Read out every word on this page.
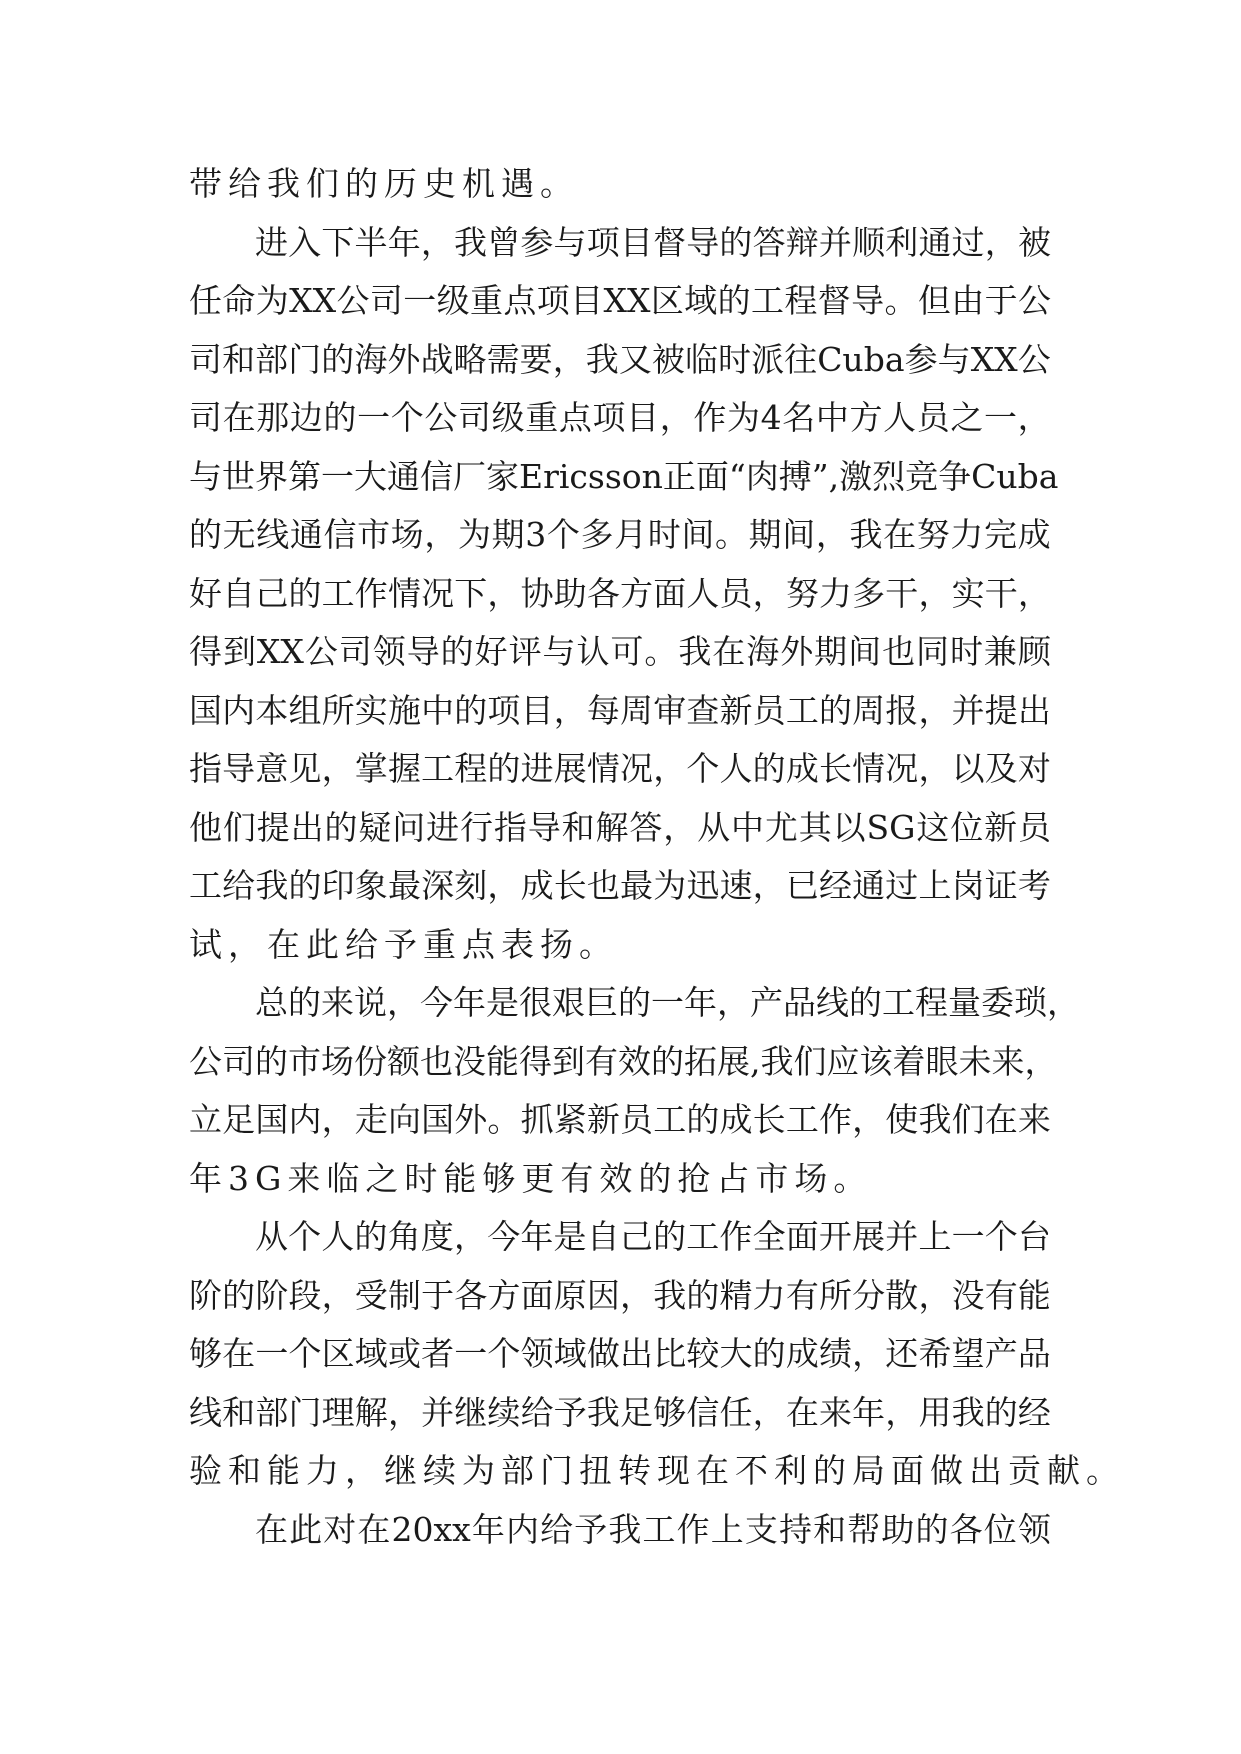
带给我们的历史机遇。
进 入 下 半 年 ， 我 曾 参 与 项 目 督 导 的 答 辩 并 顺 利 通 过 ， 被
任 命 为 XX 公 司 一 级 重 点 项 目 XX 区 域 的 工 程 督 导 。 但 由 于 公
司 和 部 门 的 海 外 战 略 需 要 ， 我 又 被 临 时 派 往 Cuba 参 与 XX 公
司 在 那 边 的 一 个 公 司 级 重 点 项 目 ， 作 为 4 名 中 方 人 员 之 一 ，
与 世 界 第 一 大 通 信 厂 家 Ericsson 正 面 “ 肉 搏 ” , 激 烈 竞 争 Cuba
的 无 线 通 信 市 场 ， 为 期 3 个 多 月 时 间 。 期 间 ， 我 在 努 力 完 成
好 自 己 的 工 作 情 况 下 ， 协 助 各 方 面 人 员 ， 努 力 多 干 ， 实 干 ，
得 到 XX 公 司 领 导 的 好 评 与 认 可 。 我 在 海 外 期 间 也 同 时 兼 顾
国 内 本 组 所 实 施 中 的 项 目 ， 每 周 审 查 新 员 工 的 周 报 ， 并 提 出
指 导 意 见 ， 掌 握 工 程 的 进 展 情 况 ， 个 人 的 成 长 情 况 ， 以 及 对
他 们 提 出 的 疑 问 进 行 指 导 和 解 答 ， 从 中 尤 其 以 SG 这 位 新 员
工 给 我 的 印 象 最 深 刻 ， 成 长 也 最 为 迅 速 ， 已 经 通 过 上 岗 证 考
试，在此给予重点表扬。
总 的 来 说 ， 今 年 是 很 艰 巨 的 一 年 ， 产 品 线 的 工 程 量 委 琐 ，
公 司 的 市 场 份 额 也 没 能 得 到 有 效 的 拓 展 , 我 们 应 该 着 眼 未 来 ，
立 足 国 内 ， 走 向 国 外 。 抓 紧 新 员 工 的 成 长 工 作 ， 使 我 们 在 来
年3G来临之时能够更有效的抢占市场。
从 个 人 的 角 度 ， 今 年 是 自 己 的 工 作 全 面 开 展 并 上 一 个 台
阶 的 阶 段 ， 受 制 于 各 方 面 原 因 ， 我 的 精 力 有 所 分 散 ， 没 有 能
够 在 一 个 区 域 或 者 一 个 领 域 做 出 比 较 大 的 成 绩 ， 还 希 望 产 品
线 和 部 门 理 解 ， 并 继 续 给 予 我 足 够 信 任 ， 在 来 年 ， 用 我 的 经
验和能力，继续为部门扭转现在不利的局面做出贡献。
在 此 对 在 20xx 年 内 给 予 我 工 作 上 支 持 和 帮 助 的 各 位 领
